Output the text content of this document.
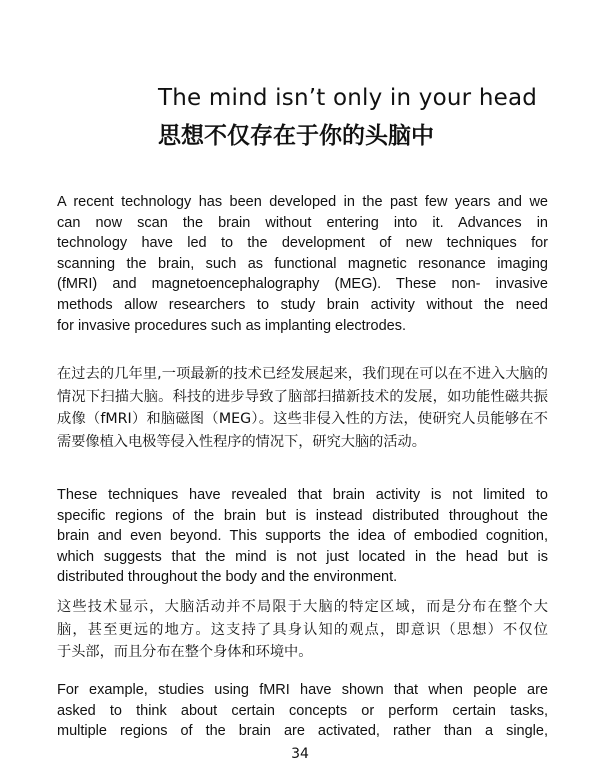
The mind isn’t only in your head
思想不仅存在于你的头脑中
A recent technology has been developed in the past few years and we
can now scan the brain without entering into it. Advances in
technology have led to the development of new techniques for
scanning the brain, such as functional magnetic resonance imaging
(fMRI) and magnetoencephalography (MEG). These non- invasive
methods allow researchers to study brain activity without the need
for invasive procedures such as implanting electrodes.
在过去的几年里,一项最新的技术已经发展起来，我们现在可以在不进入大脑的
情况下扫描大脑。科技的进步导致了脑部扫描新技术的发展，如功能性磁共振
成像（fMRI）和脑磁图（MEG）。这些非侵入性的方法，使研究人员能够在不
需要像植入电极等侵入性程序的情况下，研究大脑的活动。
These techniques have revealed that brain activity is not limited to
specific regions of the brain but is instead distributed throughout the
brain and even beyond. This supports the idea of embodied cognition,
which suggests that the mind is not just located in the head but is
distributed throughout the body and the environment.
这些技术显示，大脑活动并不局限于大脑的特定区域，而是分布在整个大
脑，甚至更远的地方。这支持了具身认知的观点，即意识（思想）不仅位
于头部，而且分布在整个身体和环境中。
For example, studies using fMRI have shown that when people are
asked to think about certain concepts or perform certain tasks,
multiple regions of the brain are activated, rather than a single,
34
